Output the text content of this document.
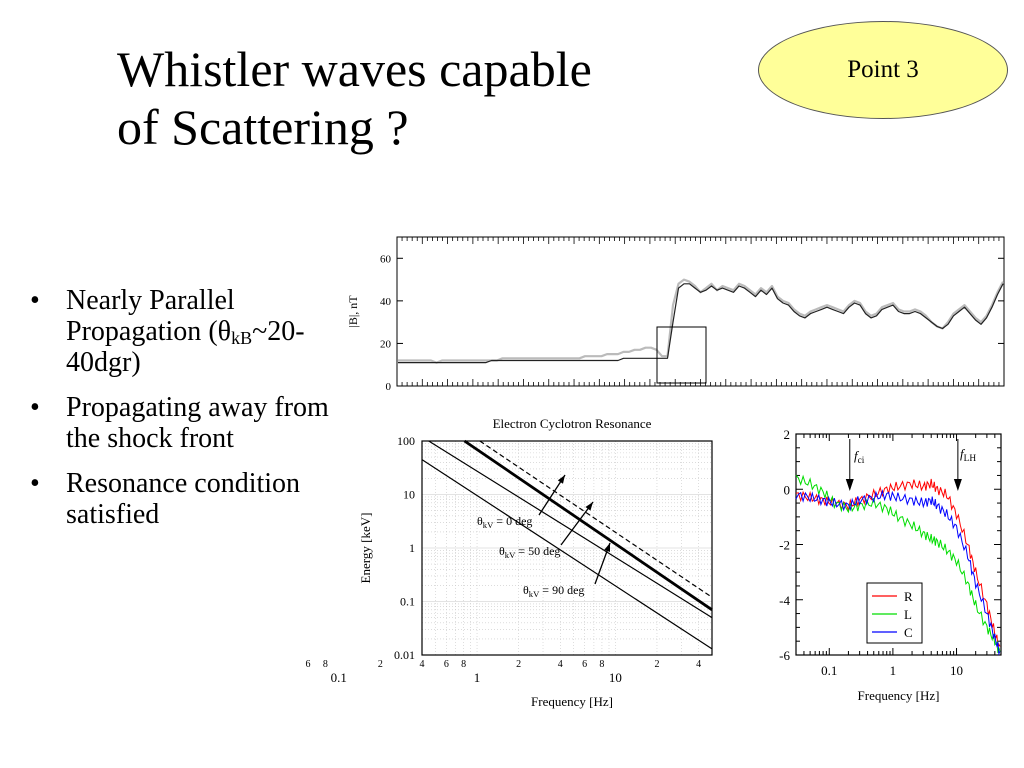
Whistler waves capable
of Scattering ?
Point 3
• Nearly Parallel Propagation $(\theta_{kB}\sim 20-40dgr)$
• Propagating away from the shock front
• Resonance condition satisfied
0
20
40
60
|B|, nT
Electron Cyclotron Resonance
100
10
1
0.1
0.01
6 8	2	4 6 8	2	4 6 8	2	4
0.1	1	10
Frequency [Hz]
Energy [keV]	$\theta_{kV} = 0$ deg
$\theta_{kV} = 50$ deg
$\theta_{kV} = 90$ deg
2
0
-2
-4
-6
0.1	1	10
Frequency [Hz]
$f_{ci}$	$f_{LH}$
R
L
C
